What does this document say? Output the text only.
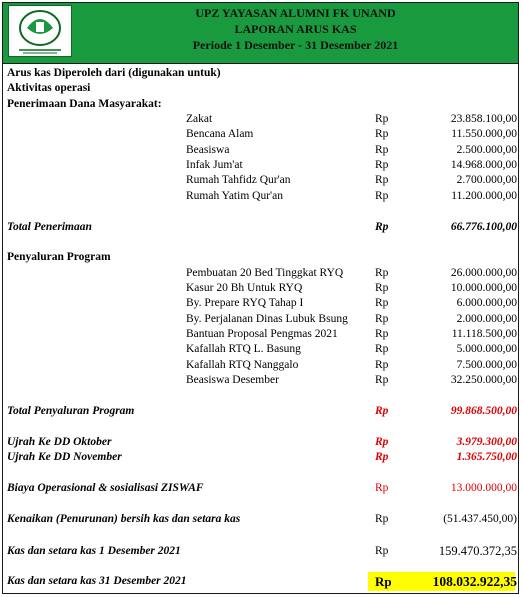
UPZ YAYASAN ALUMNI FK UNAND
LAPORAN ARUS KAS
Periode 1 Desember - 31 Desember 2021
Arus kas Diperoleh dari (digunakan untuk)
Aktivitas operasi
Penerimaan Dana Masyarakat:
Zakat	Rp	23.858.100,00
Bencana Alam	Rp	11.550.000,00
Beasiswa	Rp	2.500.000,00
Infak Jum'at	Rp	14.968.000,00
Rumah Tahfidz Qur'an	Rp	2.700.000,00
Rumah Yatim Qur'an	Rp	11.200.000,00
Total Penerimaan	Rp	66.776.100,00
Penyaluran Program
Pembuatan 20 Bed Tinggkat RYQ	Rp	26.000.000,00
Kasur 20 Bh Untuk RYQ	Rp	10.000.000,00
By. Prepare RYQ Tahap I	Rp	6.000.000,00
By. Perjalanan Dinas Lubuk Bsung Rp	2.000.000,00
Bantuan Proposal Pengmas 2021	Rp	11.118.500,00
Kafallah RTQ L. Basung	Rp	5.000.000,00
Kafallah RTQ Nanggalo	Rp	7.500.000,00
Beasiswa Desember	Rp	32.250.000,00
Total Penyaluran Program	Rp	99.868.500,00
Ujrah Ke DD Oktober	Rp	3.979.300,00
Ujrah Ke DD November	Rp	1.365.750,00
Biaya Operasional & sosialisasi ZISWAF	Rp	13.000.000,00
Kenaikan (Penurunan) bersih kas dan setara kas	Rp	(51.437.450,00)
Kas dan setara kas 1 Desember 2021	Rp	159.470.372,35
Kas dan setara kas 31 Desember 2021	Rp	108.032.922,35
